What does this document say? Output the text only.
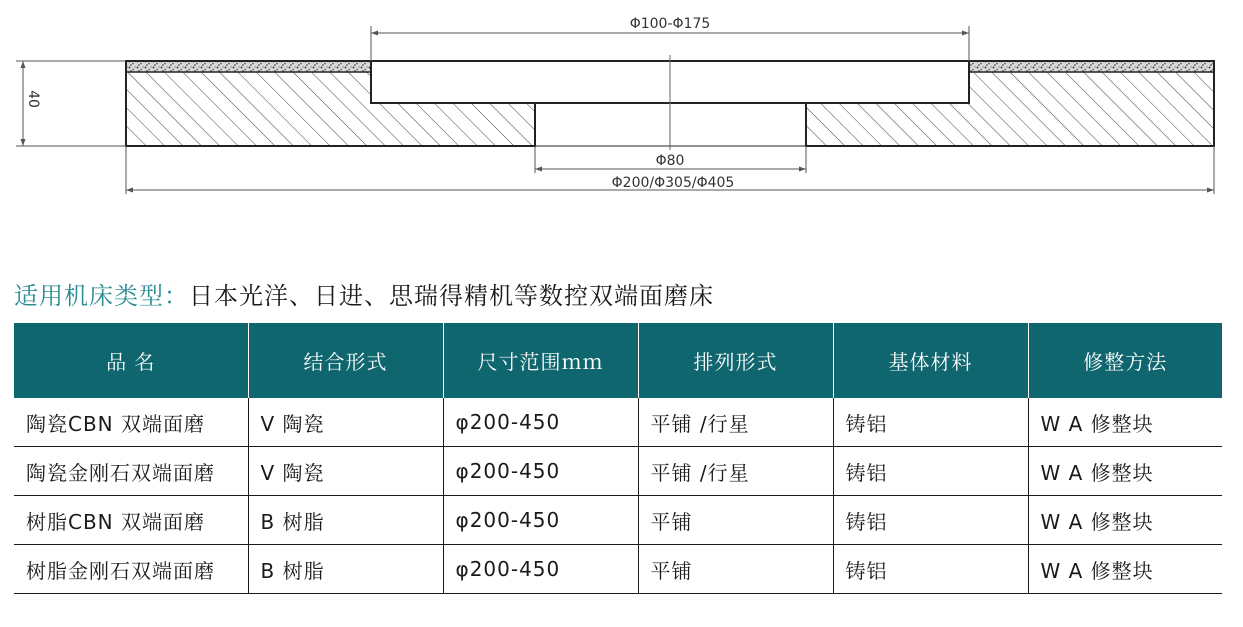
Φ100-Φ175
40
Φ80
Φ200/Φ305/Φ405
适用机床类型：日本光洋、日进、思瑞得精机等数控双端面磨床
品 名	结合形式	尺寸范围ｍｍ	排列形式	基体材料	修整方法
陶瓷CBN 双端面磨	V 陶瓷	φ200-450	平铺 /行星	铸铝	W A 修整块
陶瓷金刚石双端面磨	V 陶瓷	φ200-450	平铺 /行星	铸铝	W A 修整块
树脂CBN 双端面磨	B 树脂	φ200-450	平铺	铸铝	W A 修整块
树脂金刚石双端面磨	B 树脂	φ200-450	平铺	铸铝	W A 修整块
